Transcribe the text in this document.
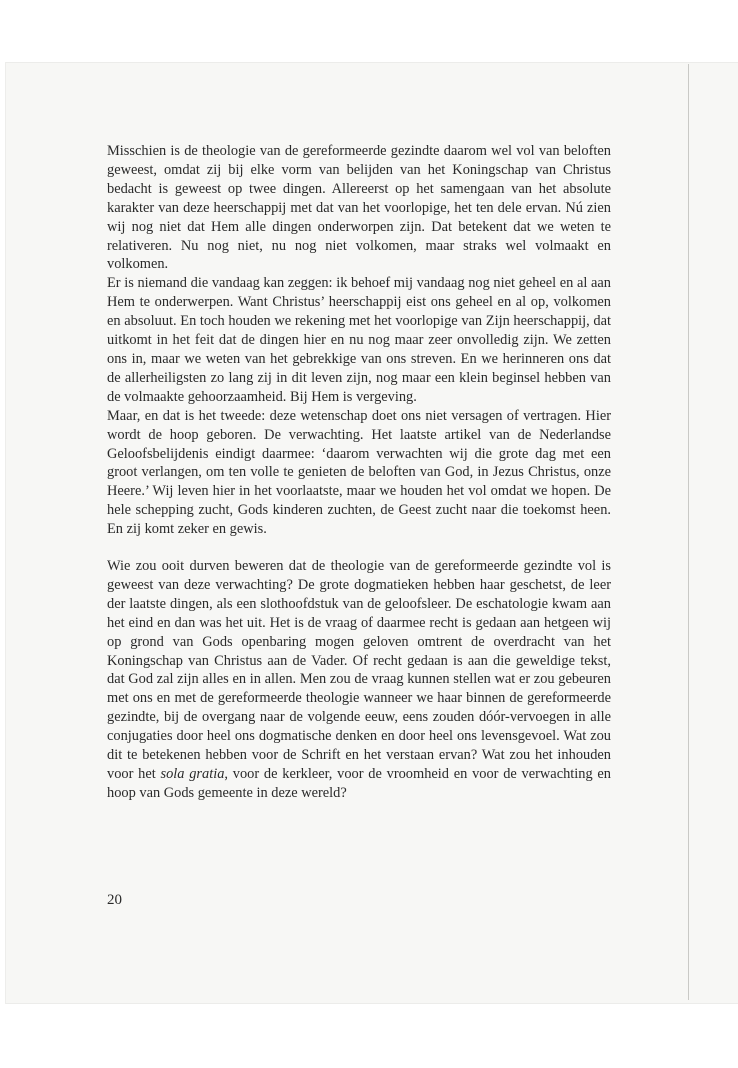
Misschien is de theologie van de gereformeerde gezindte daarom wel vol van beloften geweest, omdat zij bij elke vorm van belijden van het Koningschap van Christus bedacht is geweest op twee dingen. Allereerst op het samengaan van het absolute karakter van deze heerschappij met dat van het voorlopige, het ten dele ervan. Nú zien wij nog niet dat Hem alle dingen onderworpen zijn. Dat betekent dat we weten te relativeren. Nu nog niet, nu nog niet volkomen, maar straks wel volmaakt en volkomen.

Er is niemand die vandaag kan zeggen: ik behoef mij vandaag nog niet geheel en al aan Hem te onderwerpen. Want Christus’ heerschappij eist ons geheel en al op, volkomen en absoluut. En toch houden we rekening met het voorlopige van Zijn heerschappij, dat uitkomt in het feit dat de dingen hier en nu nog maar zeer onvolledig zijn. We zetten ons in, maar we weten van het gebrekkige van ons streven. En we herinneren ons dat de allerheiligsten zo lang zij in dit leven zijn, nog maar een klein beginsel hebben van de volmaakte gehoorzaamheid. Bij Hem is vergeving.

Maar, en dat is het tweede: deze wetenschap doet ons niet versagen of vertragen. Hier wordt de hoop geboren. De verwachting. Het laatste artikel van de Nederlandse Geloofsbelijdenis eindigt daarmee: ‘daarom verwachten wij die grote dag met een groot verlangen, om ten volle te genieten de beloften van God, in Jezus Christus, onze Heere.’ Wij leven hier in het voorlaatste, maar we houden het vol omdat we hopen. De hele schepping zucht, Gods kinderen zuchten, de Geest zucht naar die toekomst heen. En zij komt zeker en gewis.

Wie zou ooit durven beweren dat de theologie van de gereformeerde gezindte vol is geweest van deze verwachting? De grote dogmatieken hebben haar geschetst, de leer der laatste dingen, als een slothoofdstuk van de geloofsleer. De eschatologie kwam aan het eind en dan was het uit. Het is de vraag of daarmee recht is gedaan aan hetgeen wij op grond van Gods openbaring mogen geloven omtrent de overdracht van het Koningschap van Christus aan de Vader. Of recht gedaan is aan die geweldige tekst, dat God zal zijn alles en in allen. Men zou de vraag kunnen stellen wat er zou gebeuren met ons en met de gereformeerde theologie wanneer we haar binnen de gereformeerde gezindte, bij de overgang naar de volgende eeuw, eens zouden dóór-vervoegen in alle conjugaties door heel ons dogmatische denken en door heel ons levensgevoel. Wat zou dit te betekenen hebben voor de Schrift en het verstaan ervan? Wat zou het inhouden voor het sola gratia, voor de kerkleer, voor de vroomheid en voor de verwachting en hoop van Gods gemeente in deze wereld?

20
